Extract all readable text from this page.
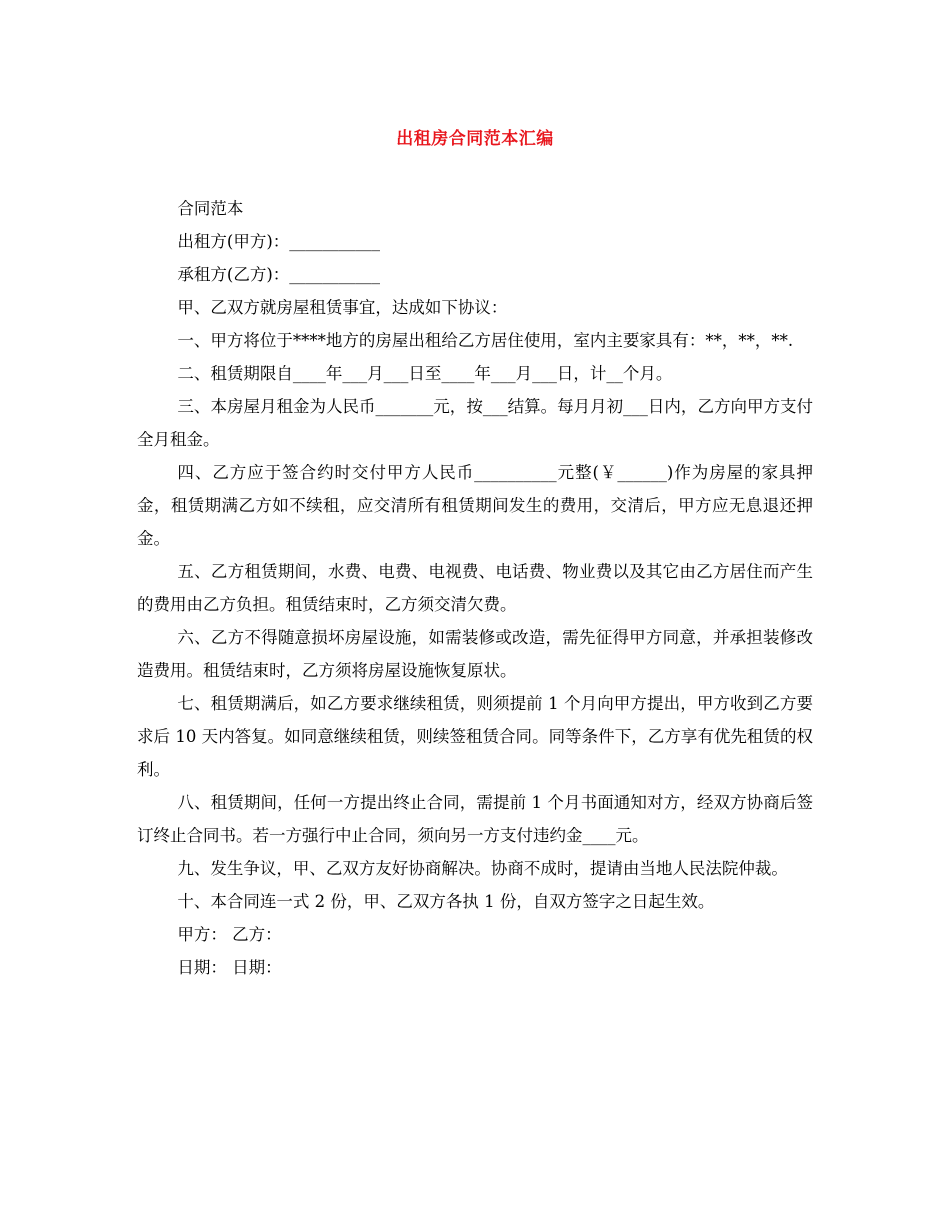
出租房合同范本汇编

合同范本

出租方(甲方)：___________

承租方(乙方)：___________

甲、乙双方就房屋租赁事宜，达成如下协议：

一、甲方将位于****地方的房屋出租给乙方居住使用，室内主要家具有：**，**，**.

二、租赁期限自____年___月___日至____年___月___日，计__个月。

三、本房屋月租金为人民币_______元，按___结算。每月月初___日内，乙方向甲方支付全月租金。

四、乙方应于签合约时交付甲方人民币__________元整(￥______)作为房屋的家具押金，租赁期满乙方如不续租，应交清所有租赁期间发生的费用，交清后，甲方应无息退还押金。

五、乙方租赁期间，水费、电费、电视费、电话费、物业费以及其它由乙方居住而产生的费用由乙方负担。租赁结束时，乙方须交清欠费。

六、乙方不得随意损坏房屋设施，如需装修或改造，需先征得甲方同意，并承担装修改造费用。租赁结束时，乙方须将房屋设施恢复原状。

七、租赁期满后，如乙方要求继续租赁，则须提前 1 个月向甲方提出，甲方收到乙方要求后 10 天内答复。如同意继续租赁，则续签租赁合同。同等条件下，乙方享有优先租赁的权利。

八、租赁期间，任何一方提出终止合同，需提前 1 个月书面通知对方，经双方协商后签订终止合同书。若一方强行中止合同，须向另一方支付违约金____元。

九、发生争议，甲、乙双方友好协商解决。协商不成时，提请由当地人民法院仲裁。

十、本合同连一式 2 份，甲、乙双方各执 1 份，自双方签字之日起生效。

甲方： 乙方：

日期： 日期：
